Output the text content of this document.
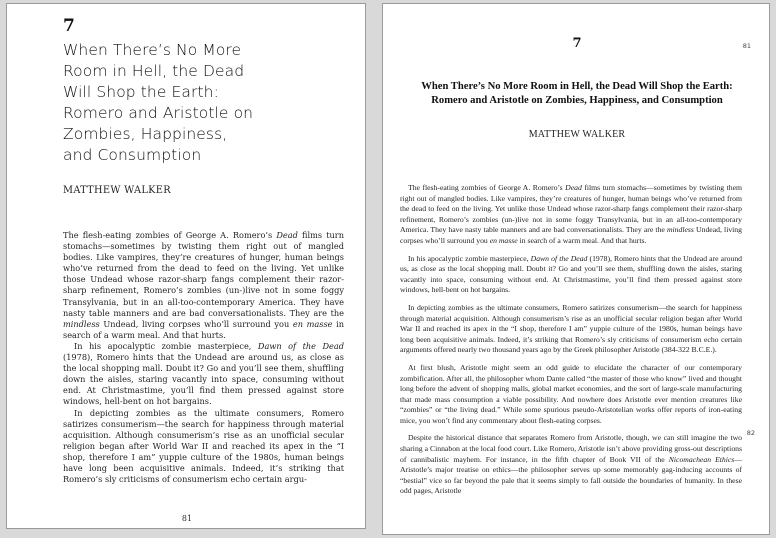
7
When There’s No More
Room in Hell, the Dead
Will Shop the Earth:
Romero and Aristotle on
Zombies, Happiness,
and Consumption
MATTHEW WALKER

The flesh-eating zombies of George A. Romero’s Dead films turn stomachs—sometimes by twisting them right out of mangled bodies. Like vampires, they’re creatures of hunger, human beings who’ve returned from the dead to feed on the living. Yet unlike those Undead whose razor-sharp fangs complement their razor-sharp refinement, Romero’s zombies (un-)live not in some foggy Transylvania, but in an all-too-contemporary America. They have nasty table manners and are bad conversationalists. They are the mindless Undead, living corpses who’ll surround you en masse in search of a warm meal. And that hurts.

In his apocalyptic zombie masterpiece, Dawn of the Dead (1978), Romero hints that the Undead are around us, as close as the local shopping mall. Doubt it? Go and you’ll see them, shuffling down the aisles, staring vacantly into space, consuming without end. At Christmastime, you’ll find them pressed against store windows, hell-bent on hot bargains.

In depicting zombies as the ultimate consumers, Romero satirizes consumerism—the search for happiness through material acquisition. Although consumerism’s rise as an unofficial secular religion began after World War II and reached its apex in the “I shop, therefore I am” yuppie culture of the 1980s, human beings have long been acquisitive animals. Indeed, it’s striking that Romero’s sly criticisms of consumerism echo certain argu-

81
7	81
When There’s No More Room in Hell, the Dead Will Shop the Earth:
Romero and Aristotle on Zombies, Happiness, and Consumption
MATTHEW WALKER

The flesh-eating zombies of George A. Romero’s Dead films turn stomachs—sometimes by twisting them right out of mangled bodies. Like vampires, they’re creatures of hunger, human beings who’ve returned from the dead to feed on the living. Yet unlike those Undead whose razor-sharp fangs complement their razor-sharp refinement, Romero’s zombies (un-)live not in some foggy Transylvania, but in an all-too-contemporary America. They have nasty table manners and are bad conversationalists. They are the mindless Undead, living corpses who’ll surround you en masse in search of a warm meal. And that hurts.

In his apocalyptic zombie masterpiece, Dawn of the Dead (1978), Romero hints that the Undead are around us, as close as the local shopping mall. Doubt it? Go and you’ll see them, shuffling down the aisles, staring vacantly into space, consuming without end. At Christmastime, you’ll find them pressed against store windows, hell-bent on hot bargains.

In depicting zombies as the ultimate consumers, Romero satirizes consumerism—the search for happiness through material acquisition. Although consumerism’s rise as an unofficial secular religion began after World War II and reached its apex in the “I shop, therefore I am” yuppie culture of the 1980s, human beings have long been acquisitive animals. Indeed, it’s striking that Romero’s sly criticisms of consumerism echo certain arguments offered nearly two thousand years ago by the Greek philosopher Aristotle (384-322 B.C.E.).

At first blush, Aristotle might seem an odd guide to elucidate the character of our contemporary zombification. After all, the philosopher whom Dante called “the master of those who know” lived and thought long before the advent of shopping malls, global market economies, and the sort of large-scale manufacturing that made mass consumption a viable possibility. And nowhere does Aristotle ever mention creatures like “zombies” or “the living dead.” While some spurious pseudo-Aristotelian works offer reports of iron-eating mice, you won’t find any commentary about flesh-eating corpses.

Despite the historical distance that separates Romero from Aristotle, though, we can still imagine the two sharing a Cinnabon at the local food court. Like Romero, Aristotle isn’t above providing gross-out descriptions of cannibalistic mayhem. For instance, in the fifth chapter of Book VII of the Nicomachean Ethics—Aristotle’s major treatise on ethics—the philosopher serves up some memorably gag-inducing accounts of “bestial” vice so far beyond the pale that it seems simply to fall outside the boundaries of humanity. In these odd pages, Aristotle

82
